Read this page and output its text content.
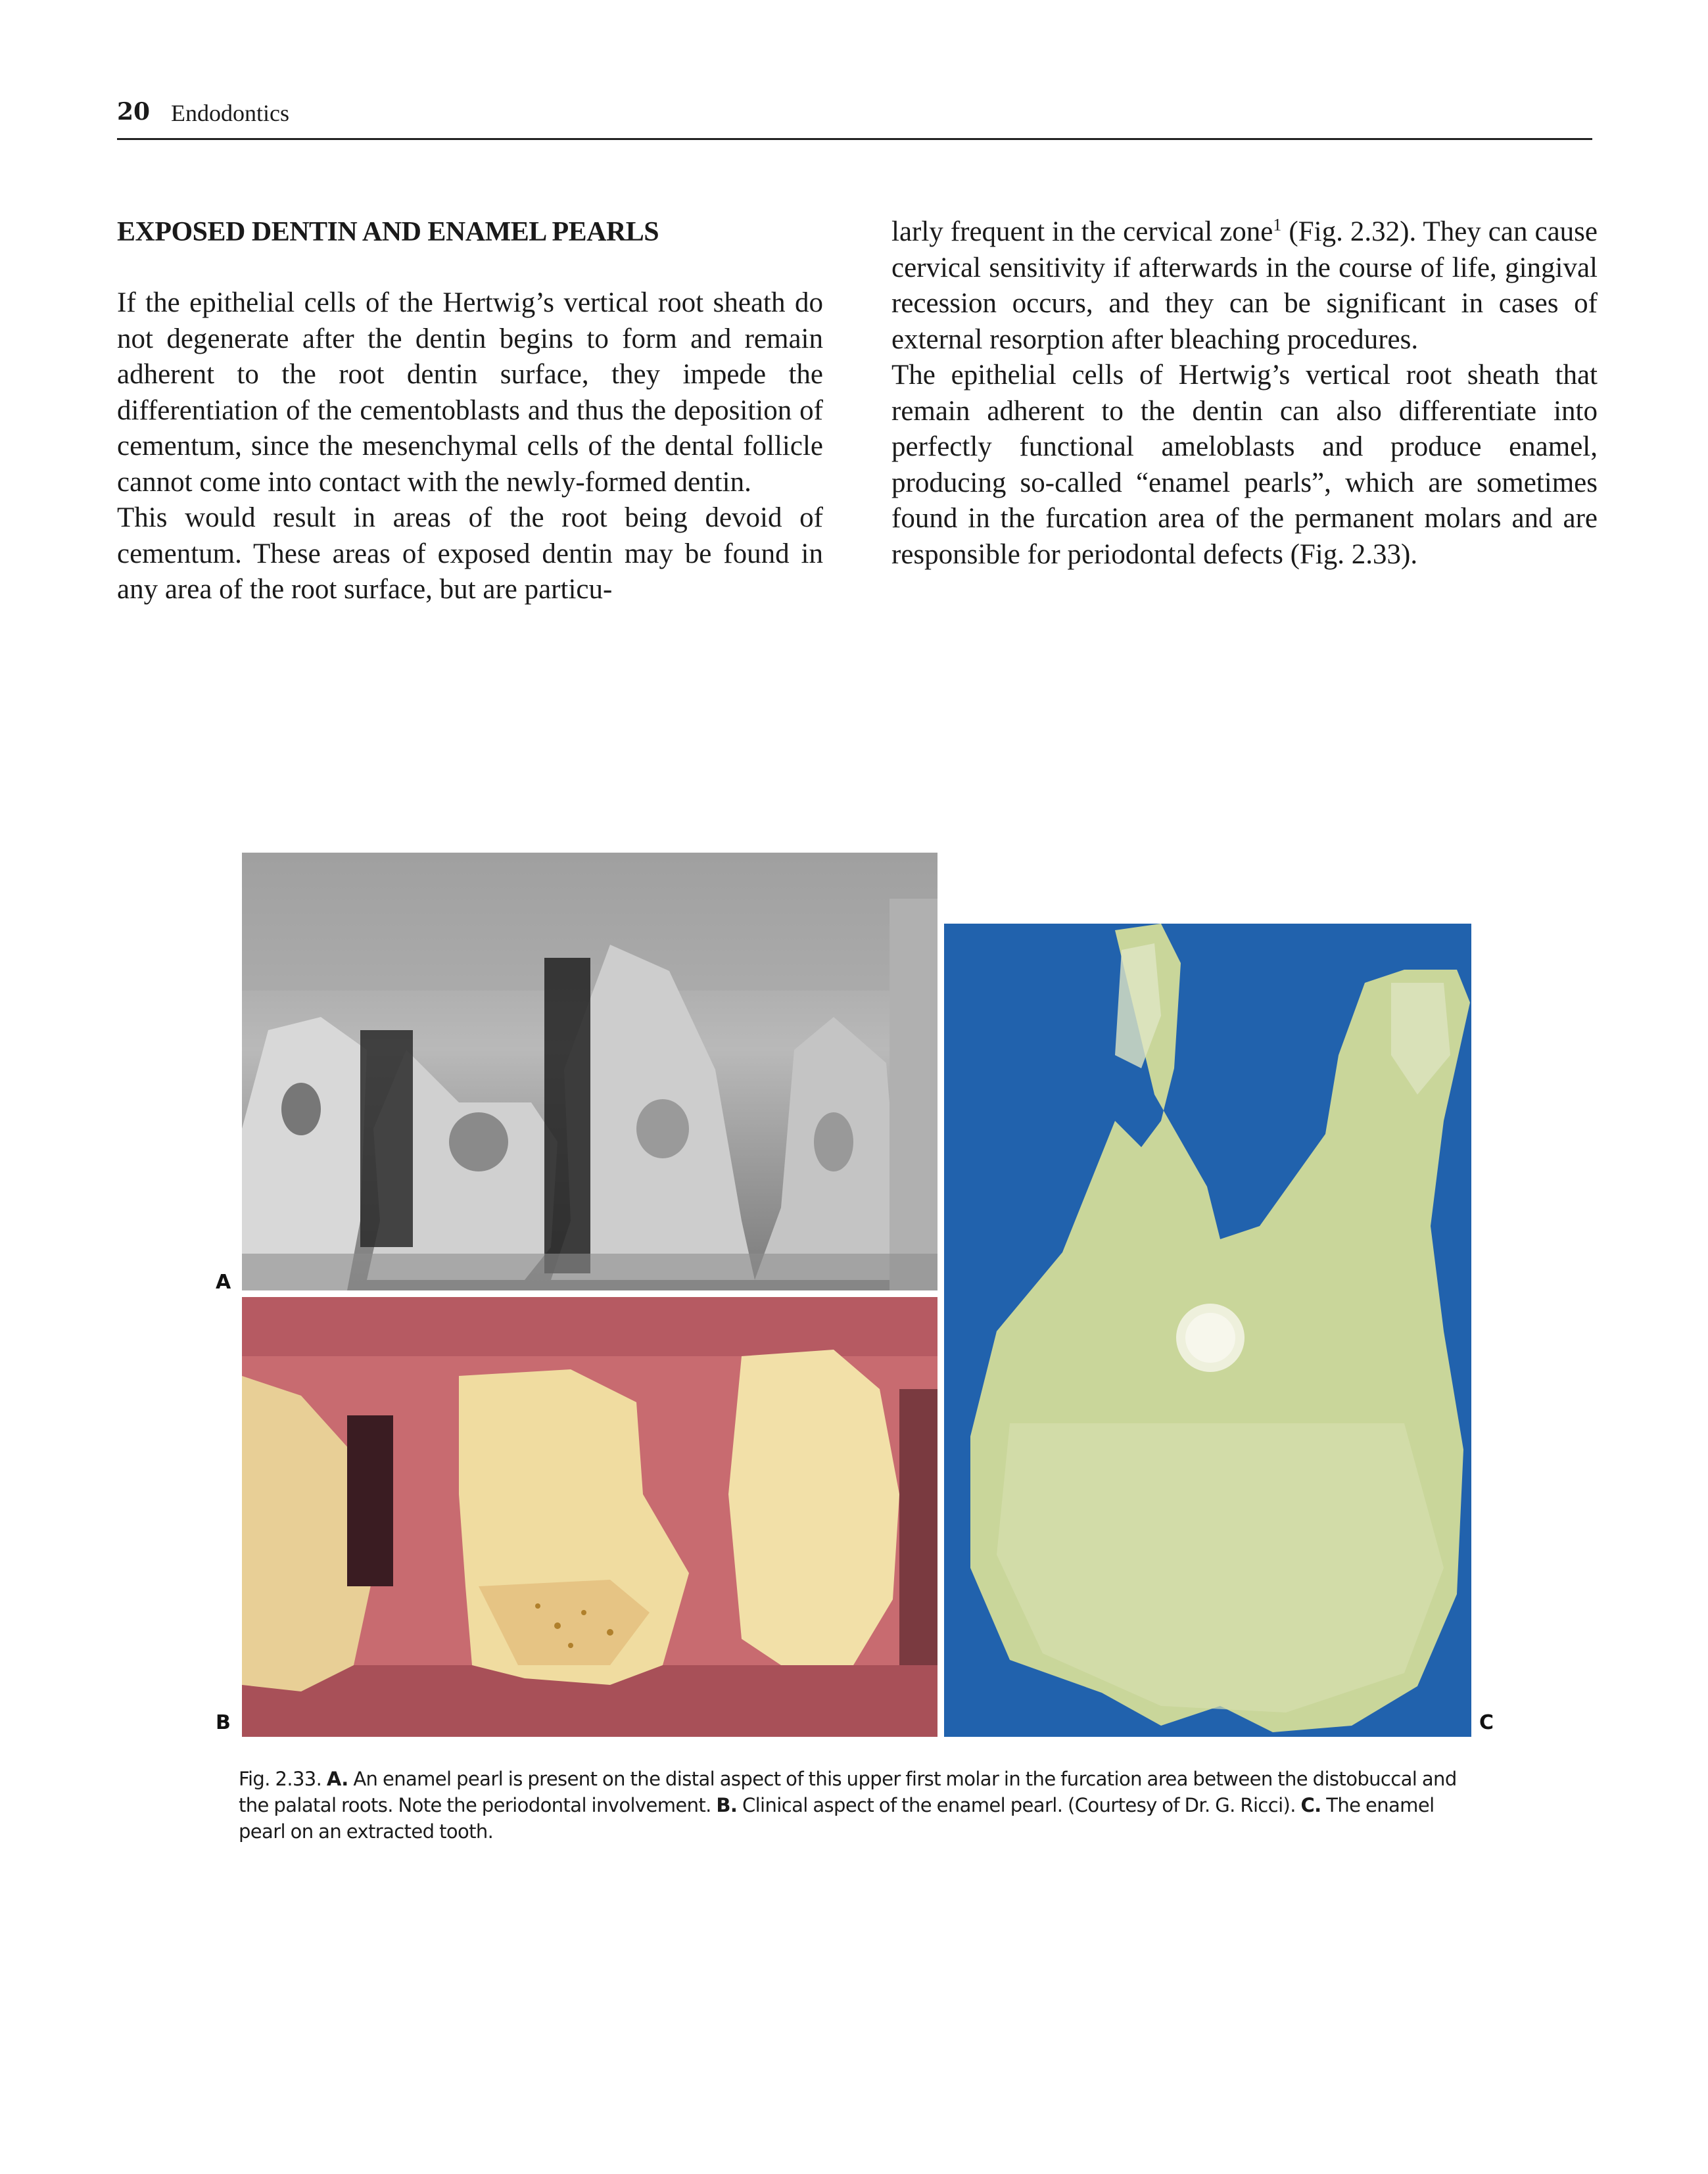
20 Endodontics
EXPOSED DENTIN AND ENAMEL PEARLS

If the epithelial cells of the Hertwig’s vertical root sheath do not degenerate after the dentin begins to form and remain adherent to the root dentin surface, they impede the differentiation of the cementoblasts and thus the deposition of cementum, since the mesenchymal cells of the dental follicle cannot come into contact with the newly-formed dentin.

This would result in areas of the root being devoid of cementum. These areas of exposed dentin may be found in any area of the root surface, but are particu-

larly frequent in the cervical zone$^1$ (Fig. 2.32). They can cause cervical sensitivity if afterwards in the course of life, gingival recession occurs, and they can be significant in cases of external resorption after bleaching procedures.

The epithelial cells of Hertwig’s vertical root sheath that remain adherent to the dentin can also differentiate into perfectly functional ameloblasts and produce enamel, producing so-called “enamel pearls”, which are sometimes found in the furcation area of the permanent molars and are responsible for periodontal defects (Fig. 2.33).

A
B	C
Fig. 2.33. A. An enamel pearl is present on the distal aspect of this upper first molar in the furcation area between the distobuccal and the palatal roots. Note the periodontal involvement. B. Clinical aspect of the enamel pearl. (Courtesy of Dr. G. Ricci). C. The enamel pearl on an extracted tooth.
